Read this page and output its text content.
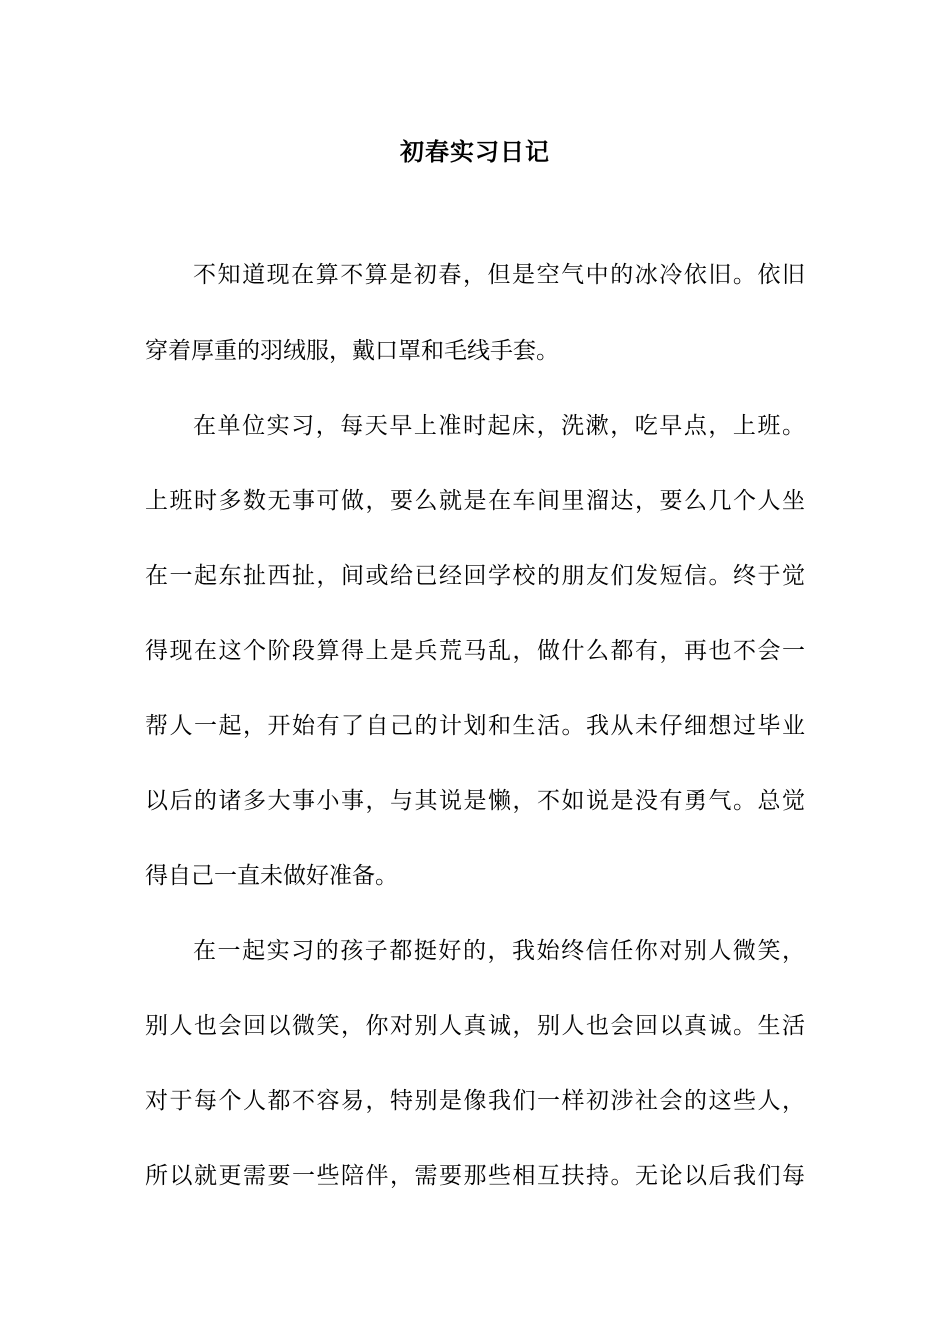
初春实习日记
不知道现在算不算是初春，但是空气中的冰冷依旧。依旧
穿着厚重的羽绒服，戴口罩和毛线手套。
在单位实习，每天早上准时起床，洗漱，吃早点，上班。
上班时多数无事可做，要么就是在车间里溜达，要么几个人坐
在一起东扯西扯，间或给已经回学校的朋友们发短信。终于觉
得现在这个阶段算得上是兵荒马乱，做什么都有，再也不会一
帮人一起，开始有了自己的计划和生活。我从未仔细想过毕业
以后的诸多大事小事，与其说是懒，不如说是没有勇气。总觉
得自己一直未做好准备。
在一起实习的孩子都挺好的，我始终信任你对别人微笑，
别人也会回以微笑，你对别人真诚，别人也会回以真诚。生活
对于每个人都不容易，特别是像我们一样初涉社会的这些人，
所以就更需要一些陪伴，需要那些相互扶持。无论以后我们每
